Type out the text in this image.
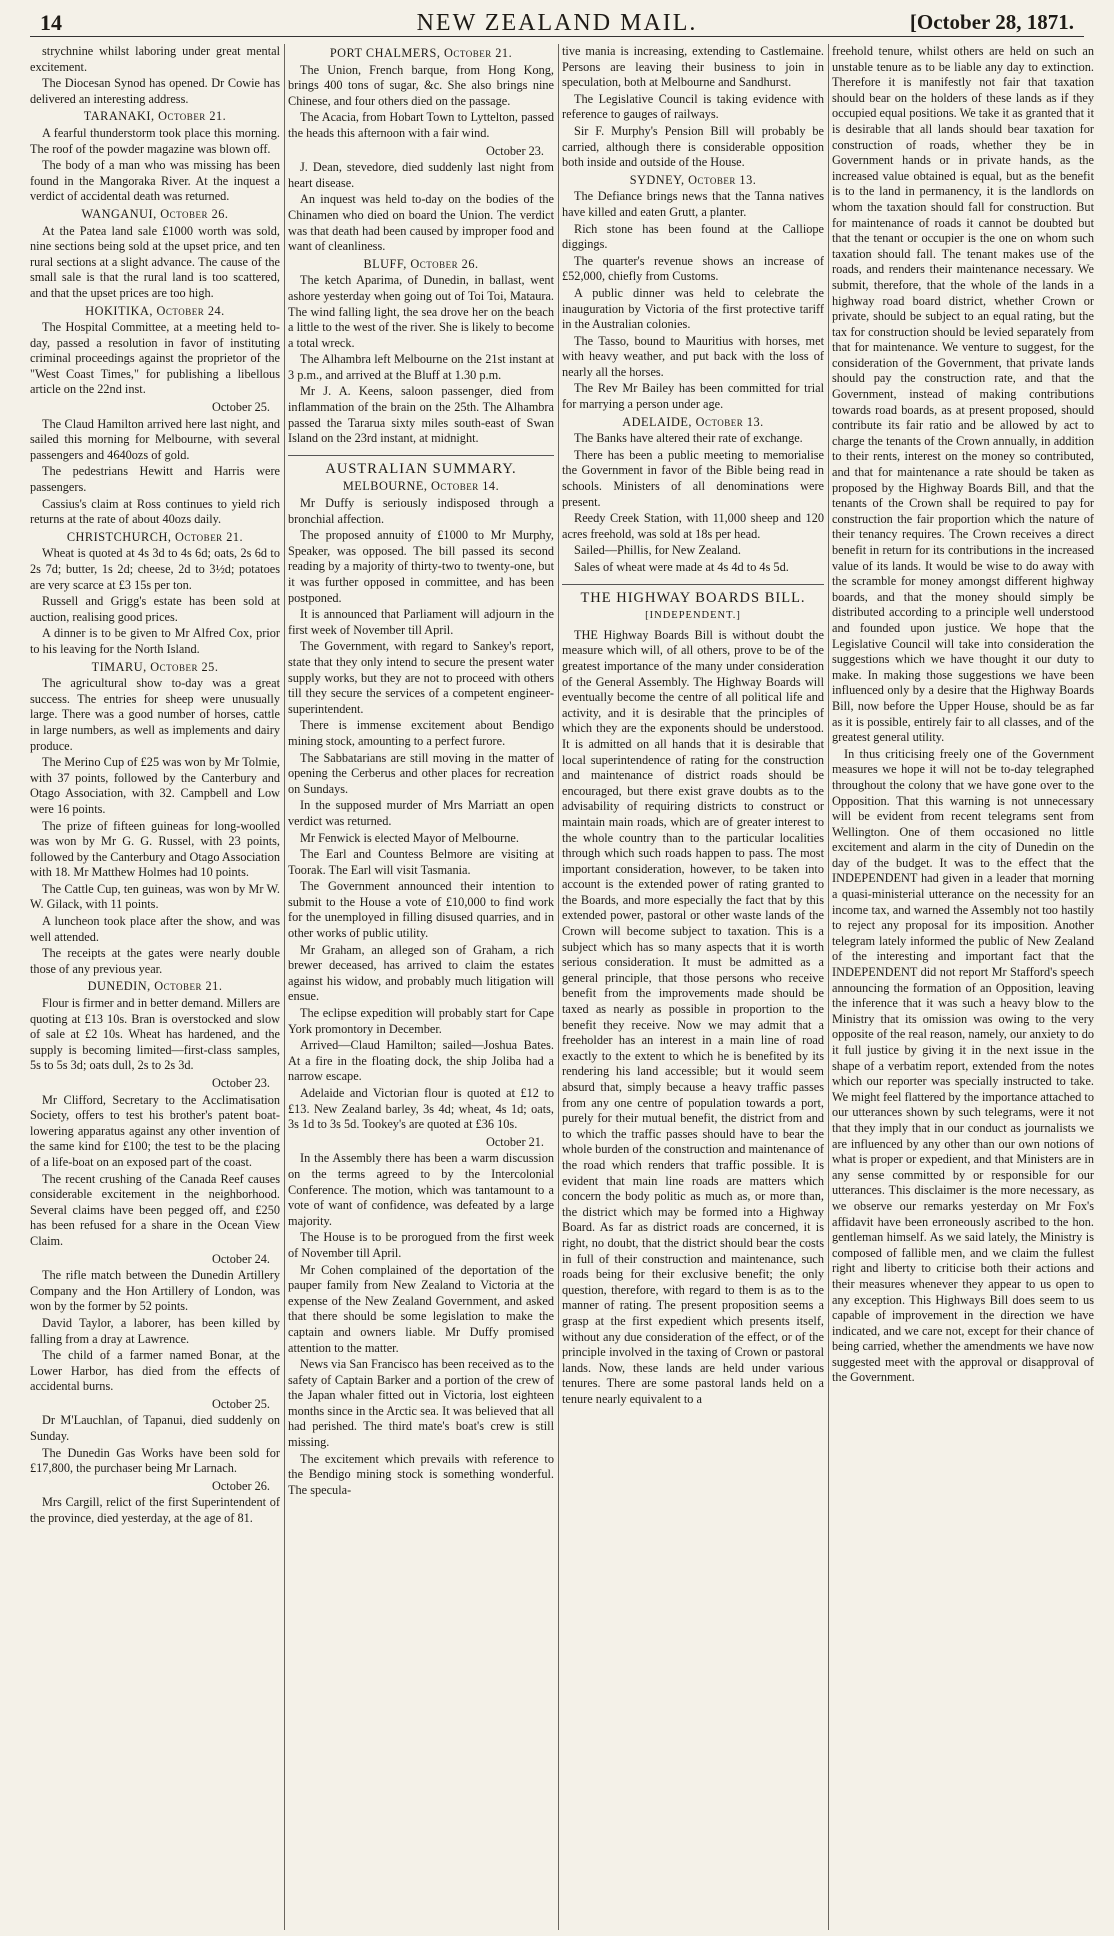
14	NEW ZEALAND MAIL.	[October 28, 1871.

strychnine whilst laboring under great mental excitement.

The Diocesan Synod has opened. Dr Cowie has delivered an interesting address.

TARANAKI, October 21.

A fearful thunderstorm took place this morning. The roof of the powder magazine was blown off.

The body of a man who was missing has been found in the Mangoraka River. At the inquest a verdict of accidental death was returned.

WANGANUI, October 26.

At the Patea land sale £1000 worth was sold, nine sections being sold at the upset price, and ten rural sections at a slight advance. The cause of the small sale is that the rural land is too scattered, and that the upset prices are too high.

HOKITIKA, October 24.

The Hospital Committee, at a meeting held to-day, passed a resolution in favor of instituting criminal proceedings against the proprietor of the "West Coast Times," for publishing a libellous article on the 22nd inst.

October 25.

The Claud Hamilton arrived here last night, and sailed this morning for Melbourne, with several passengers and 4640ozs of gold.

The pedestrians Hewitt and Harris were passengers.

Cassius's claim at Ross continues to yield rich returns at the rate of about 40ozs daily.

CHRISTCHURCH, October 21.

Wheat is quoted at 4s 3d to 4s 6d; oats, 2s 6d to 2s 7d; butter, 1s 2d; cheese, 2d to 3½d; potatoes are very scarce at £3 15s per ton.

Russell and Grigg's estate has been sold at auction, realising good prices.

A dinner is to be given to Mr Alfred Cox, prior to his leaving for the North Island.

TIMARU, October 25.

The agricultural show to-day was a great success. The entries for sheep were unusually large. There was a good number of horses, cattle in large numbers, as well as implements and dairy produce.

The Merino Cup of £25 was won by Mr Tolmie, with 37 points, followed by the Canterbury and Otago Association, with 32. Campbell and Low were 16 points.

The prize of fifteen guineas for long-woolled was won by Mr G. G. Russel, with 23 points, followed by the Canterbury and Otago Association with 18. Mr Matthew Holmes had 10 points.

The Cattle Cup, ten guineas, was won by Mr W. W. Gilack, with 11 points.

A luncheon took place after the show, and was well attended.

The receipts at the gates were nearly double those of any previous year.

DUNEDIN, October 21.

Flour is firmer and in better demand. Millers are quoting at £13 10s. Bran is overstocked and slow of sale at £2 10s. Wheat has hardened, and the supply is becoming limited—first-class samples, 5s to 5s 3d; oats dull, 2s to 2s 3d.

October 23.

Mr Clifford, Secretary to the Acclimatisation Society, offers to test his brother's patent boat-lowering apparatus against any other invention of the same kind for £100; the test to be the placing of a life-boat on an exposed part of the coast.

The recent crushing of the Canada Reef causes considerable excitement in the neighborhood. Several claims have been pegged off, and £250 has been refused for a share in the Ocean View Claim.

October 24.

The rifle match between the Dunedin Artillery Company and the Hon Artillery of London, was won by the former by 52 points.

David Taylor, a laborer, has been killed by falling from a dray at Lawrence.

The child of a farmer named Bonar, at the Lower Harbor, has died from the effects of accidental burns.

October 25.

Dr M'Lauchlan, of Tapanui, died suddenly on Sunday.

The Dunedin Gas Works have been sold for £17,800, the purchaser being Mr Larnach.

October 26.

Mrs Cargill, relict of the first Superintendent of the province, died yesterday, at the age of 81.

PORT CHALMERS, October 21.

The Union, French barque, from Hong Kong, brings 400 tons of sugar, &c. She also brings nine Chinese, and four others died on the passage.

The Acacia, from Hobart Town to Lyttelton, passed the heads this afternoon with a fair wind.

October 23.

J. Dean, stevedore, died suddenly last night from heart disease.

An inquest was held to-day on the bodies of the Chinamen who died on board the Union. The verdict was that death had been caused by improper food and want of cleanliness.

BLUFF, October 26.

The ketch Aparima, of Dunedin, in ballast, went ashore yesterday when going out of Toi Toi, Mataura. The wind falling light, the sea drove her on the beach a little to the west of the river. She is likely to become a total wreck.

The Alhambra left Melbourne on the 21st instant at 3 p.m., and arrived at the Bluff at 1.30 p.m.

Mr J. A. Keens, saloon passenger, died from inflammation of the brain on the 25th. The Alhambra passed the Tararua sixty miles south-east of Swan Island on the 23rd instant, at midnight.

AUSTRALIAN SUMMARY.
MELBOURNE, October 14.

Mr Duffy is seriously indisposed through a bronchial affection.

The proposed annuity of £1000 to Mr Murphy, Speaker, was opposed. The bill passed its second reading by a majority of thirty-two to twenty-one, but it was further opposed in committee, and has been postponed.

It is announced that Parliament will adjourn in the first week of November till April.

The Government, with regard to Sankey's report, state that they only intend to secure the present water supply works, but they are not to proceed with others till they secure the services of a competent engineer-superintendent.

There is immense excitement about Bendigo mining stock, amounting to a perfect furore.

The Sabbatarians are still moving in the matter of opening the Cerberus and other places for recreation on Sundays.

In the supposed murder of Mrs Marriatt an open verdict was returned.

Mr Fenwick is elected Mayor of Melbourne.

The Earl and Countess Belmore are visiting at Toorak. The Earl will visit Tasmania.

The Government announced their intention to submit to the House a vote of £10,000 to find work for the unemployed in filling disused quarries, and in other works of public utility.

Mr Graham, an alleged son of Graham, a rich brewer deceased, has arrived to claim the estates against his widow, and probably much litigation will ensue.

The eclipse expedition will probably start for Cape York promontory in December.

Arrived—Claud Hamilton; sailed—Joshua Bates. At a fire in the floating dock, the ship Joliba had a narrow escape.

Adelaide and Victorian flour is quoted at £12 to £13. New Zealand barley, 3s 4d; wheat, 4s 1d; oats, 3s 1d to 3s 5d. Tookey's are quoted at £36 10s.

October 21.

In the Assembly there has been a warm discussion on the terms agreed to by the Intercolonial Conference. The motion, which was tantamount to a vote of want of confidence, was defeated by a large majority.

The House is to be prorogued from the first week of November till April.

Mr Cohen complained of the deportation of the pauper family from New Zealand to Victoria at the expense of the New Zealand Government, and asked that there should be some legislation to make the captain and owners liable. Mr Duffy promised attention to the matter.

News via San Francisco has been received as to the safety of Captain Barker and a portion of the crew of the Japan whaler fitted out in Victoria, lost eighteen months since in the Arctic sea. It was believed that all had perished. The third mate's boat's crew is still missing.

The excitement which prevails with reference to the Bendigo mining stock is something wonderful. The specula-

tive mania is increasing, extending to Castlemaine. Persons are leaving their business to join in speculation, both at Melbourne and Sandhurst.

The Legislative Council is taking evidence with reference to gauges of railways.

Sir F. Murphy's Pension Bill will probably be carried, although there is considerable opposition both inside and outside of the House.

SYDNEY, October 13.

The Defiance brings news that the Tanna natives have killed and eaten Grutt, a planter.

Rich stone has been found at the Calliope diggings.

The quarter's revenue shows an increase of £52,000, chiefly from Customs.

A public dinner was held to celebrate the inauguration by Victoria of the first protective tariff in the Australian colonies.

The Tasso, bound to Mauritius with horses, met with heavy weather, and put back with the loss of nearly all the horses.

The Rev Mr Bailey has been committed for trial for marrying a person under age.

ADELAIDE, October 13.

The Banks have altered their rate of exchange.

There has been a public meeting to memorialise the Government in favor of the Bible being read in schools. Ministers of all denominations were present.

Reedy Creek Station, with 11,000 sheep and 120 acres freehold, was sold at 18s per head.

Sailed—Phillis, for New Zealand.

Sales of wheat were made at 4s 4d to 4s 5d.

THE HIGHWAY BOARDS BILL.
[INDEPENDENT.]

THE Highway Boards Bill is without doubt the measure which will, of all others, prove to be of the greatest importance of the many under consideration of the General Assembly. The Highway Boards will eventually become the centre of all political life and activity, and it is desirable that the principles of which they are the exponents should be understood. It is admitted on all hands that it is desirable that local superintendence of rating for the construction and maintenance of district roads should be encouraged, but there exist grave doubts as to the advisability of requiring districts to construct or maintain main roads, which are of greater interest to the whole country than to the particular localities through which such roads happen to pass. The most important consideration, however, to be taken into account is the extended power of rating granted to the Boards, and more especially the fact that by this extended power, pastoral or other waste lands of the Crown will become subject to taxation. This is a subject which has so many aspects that it is worth serious consideration. It must be admitted as a general principle, that those persons who receive benefit from the improvements made should be taxed as nearly as possible in proportion to the benefit they receive. Now we may admit that a freeholder has an interest in a main line of road exactly to the extent to which he is benefited by its rendering his land accessible; but it would seem absurd that, simply because a heavy traffic passes from any one centre of population towards a port, purely for their mutual benefit, the district from and to which the traffic passes should have to bear the whole burden of the construction and maintenance of the road which renders that traffic possible. It is evident that main line roads are matters which concern the body politic as much as, or more than, the district which may be formed into a Highway Board. As far as district roads are concerned, it is right, no doubt, that the district should bear the costs in full of their construction and maintenance, such roads being for their exclusive benefit; the only question, therefore, with regard to them is as to the manner of rating. The present proposition seems a grasp at the first expedient which presents itself, without any due consideration of the effect, or of the principle involved in the taxing of Crown or pastoral lands. Now, these lands are held under various tenures. There are some pastoral lands held on a tenure nearly equivalent to a

freehold tenure, whilst others are held on such an unstable tenure as to be liable any day to extinction. Therefore it is manifestly not fair that taxation should bear on the holders of these lands as if they occupied equal positions. We take it as granted that it is desirable that all lands should bear taxation for construction of roads, whether they be in Government hands or in private hands, as the increased value obtained is equal, but as the benefit is to the land in permanency, it is the landlords on whom the taxation should fall for construction. But for maintenance of roads it cannot be doubted but that the tenant or occupier is the one on whom such taxation should fall. The tenant makes use of the roads, and renders their maintenance necessary. We submit, therefore, that the whole of the lands in a highway road board district, whether Crown or private, should be subject to an equal rating, but the tax for construction should be levied separately from that for maintenance. We venture to suggest, for the consideration of the Government, that private lands should pay the construction rate, and that the Government, instead of making contributions towards road boards, as at present proposed, should contribute its fair ratio and be allowed by act to charge the tenants of the Crown annually, in addition to their rents, interest on the money so contributed, and that for maintenance a rate should be taken as proposed by the Highway Boards Bill, and that the tenants of the Crown shall be required to pay for construction the fair proportion which the nature of their tenancy requires. The Crown receives a direct benefit in return for its contributions in the increased value of its lands. It would be wise to do away with the scramble for money amongst different highway boards, and that the money should simply be distributed according to a principle well understood and founded upon justice. We hope that the Legislative Council will take into consideration the suggestions which we have thought it our duty to make. In making those suggestions we have been influenced only by a desire that the Highway Boards Bill, now before the Upper House, should be as far as it is possible, entirely fair to all classes, and of the greatest general utility.

In thus criticising freely one of the Government measures we hope it will not be to-day telegraphed throughout the colony that we have gone over to the Opposition. That this warning is not unnecessary will be evident from recent telegrams sent from Wellington. One of them occasioned no little excitement and alarm in the city of Dunedin on the day of the budget. It was to the effect that the INDEPENDENT had given in a leader that morning a quasi-ministerial utterance on the necessity for an income tax, and warned the Assembly not too hastily to reject any proposal for its imposition. Another telegram lately informed the public of New Zealand of the interesting and important fact that the INDEPENDENT did not report Mr Stafford's speech announcing the formation of an Opposition, leaving the inference that it was such a heavy blow to the Ministry that its omission was owing to the very opposite of the real reason, namely, our anxiety to do it full justice by giving it in the next issue in the shape of a verbatim report, extended from the notes which our reporter was specially instructed to take. We might feel flattered by the importance attached to our utterances shown by such telegrams, were it not that they imply that in our conduct as journalists we are influenced by any other than our own notions of what is proper or expedient, and that Ministers are in any sense committed by or responsible for our utterances. This disclaimer is the more necessary, as we observe our remarks yesterday on Mr Fox's affidavit have been erroneously ascribed to the hon. gentleman himself. As we said lately, the Ministry is composed of fallible men, and we claim the fullest right and liberty to criticise both their actions and their measures whenever they appear to us open to any exception. This Highways Bill does seem to us capable of improvement in the direction we have indicated, and we care not, except for their chance of being carried, whether the amendments we have now suggested meet with the approval or disapproval of the Government.
